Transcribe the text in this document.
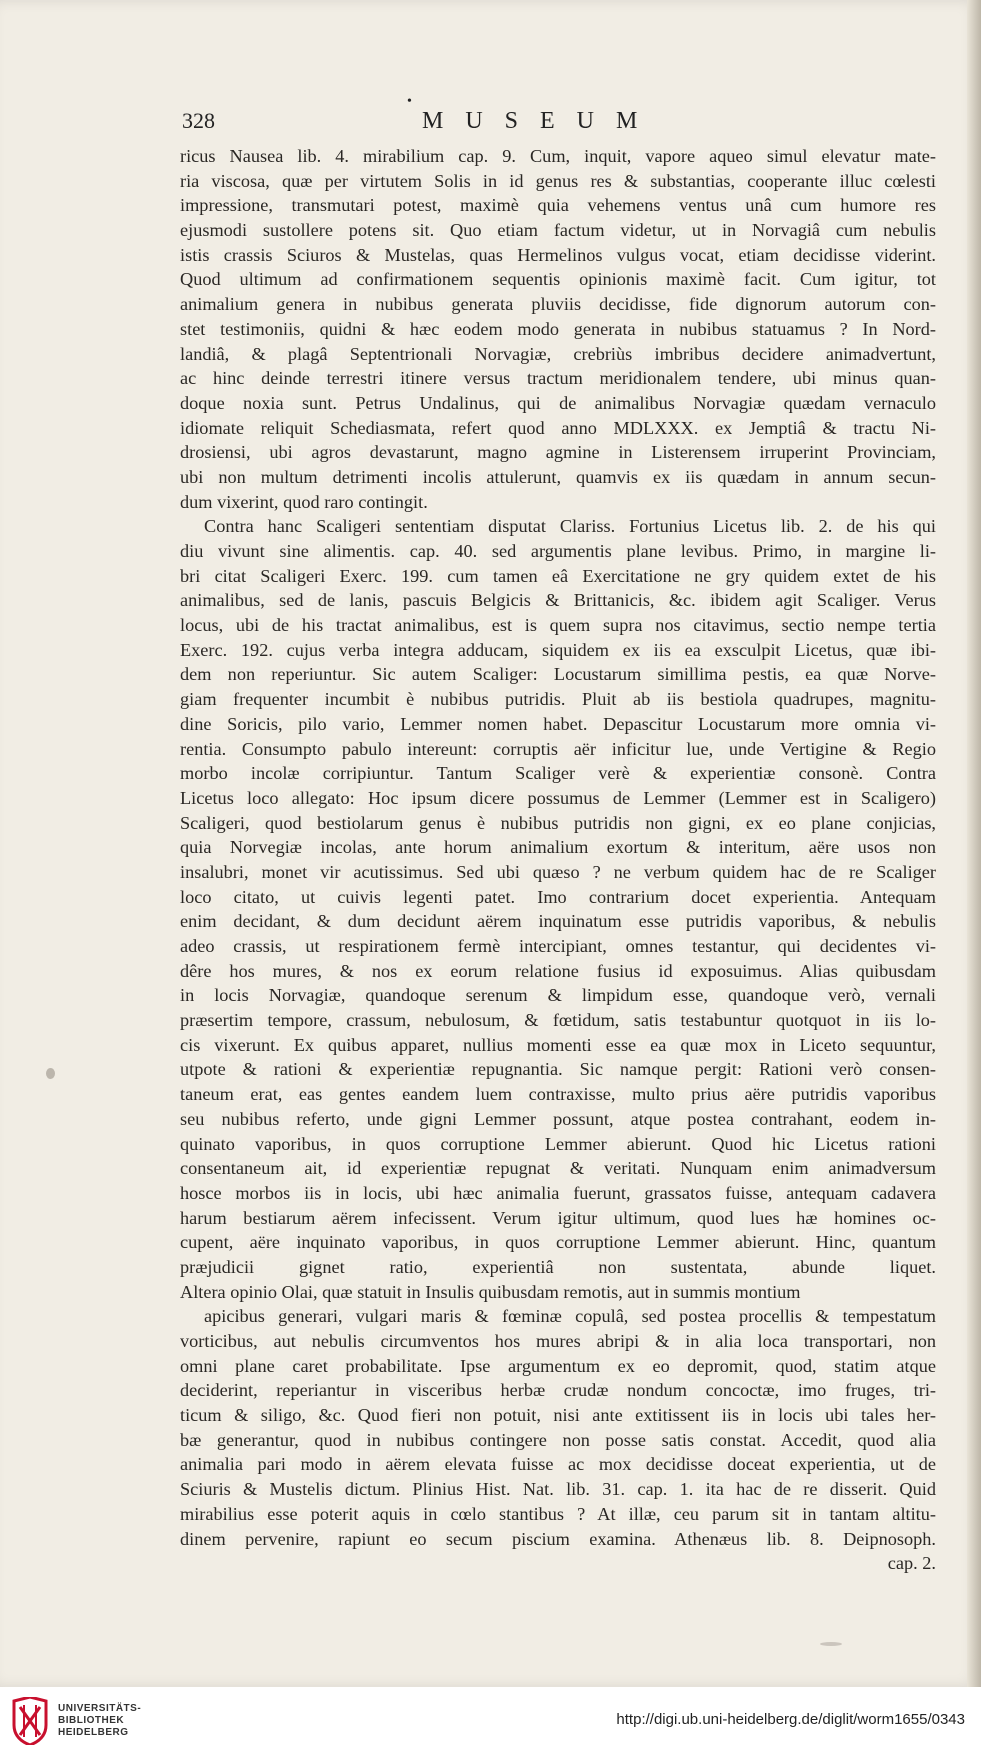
328
•
MUSEUM
ricus Nausea lib. 4. mirabilium cap. 9. Cum, inquit, vapore aqueo simul elevatur mate-
ria viscosa, quæ per virtutem Solis in id genus res & substantias, cooperante illuc cœlesti
impressione, transmutari potest, maximè quia vehemens ventus unâ cum humore res
ejusmodi sustollere potens sit. Quo etiam factum videtur, ut in Norvagiâ cum nebulis
istis crassis Sciuros & Mustelas, quas Hermelinos vulgus vocat, etiam decidisse viderint.
Quod ultimum ad confirmationem sequentis opinionis maximè facit. Cum igitur, tot
animalium genera in nubibus generata pluviis decidisse, fide dignorum autorum con-
stet testimoniis, quidni & hæc eodem modo generata in nubibus statuamus ? In Nord-
landiâ, & plagâ Septentrionali Norvagiæ, crebriùs imbribus decidere animadvertunt,
ac hinc deinde terrestri itinere versus tractum meridionalem tendere, ubi minus quan-
doque noxia sunt. Petrus Undalinus, qui de animalibus Norvagiæ quædam vernaculo
idiomate reliquit Schediasmata, refert quod anno MDLXXX. ex Jemptiâ & tractu Ni-
drosiensi, ubi agros devastarunt, magno agmine in Listerensem irruperint Provinciam,
ubi non multum detrimenti incolis attulerunt, quamvis ex iis quædam in annum secun-
dum vixerint, quod raro contingit.
Contra hanc Scaligeri sententiam disputat Clariss. Fortunius Licetus lib. 2. de his qui
diu vivunt sine alimentis. cap. 40. sed argumentis plane levibus. Primo, in margine li-
bri citat Scaligeri Exerc. 199. cum tamen eâ Exercitatione ne gry quidem extet de his
animalibus, sed de lanis, pascuis Belgicis & Brittanicis, &c. ibidem agit Scaliger. Verus
locus, ubi de his tractat animalibus, est is quem supra nos citavimus, sectio nempe tertia
Exerc. 192. cujus verba integra adducam, siquidem ex iis ea exsculpit Licetus, quæ ibi-
dem non reperiuntur. Sic autem Scaliger: Locustarum simillima pestis, ea quæ Norve-
giam frequenter incumbit è nubibus putridis. Pluit ab iis bestiola quadrupes, magnitu-
dine Soricis, pilo vario, Lemmer nomen habet. Depascitur Locustarum more omnia vi-
rentia. Consumpto pabulo intereunt: corruptis aër inficitur lue, unde Vertigine & Regio
morbo incolæ corripiuntur. Tantum Scaliger verè & experientiæ consonè. Contra
Licetus loco allegato: Hoc ipsum dicere possumus de Lemmer (Lemmer est in Scaligero)
Scaligeri, quod bestiolarum genus è nubibus putridis non gigni, ex eo plane conjicias,
quia Norvegiæ incolas, ante horum animalium exortum & interitum, aëre usos non
insalubri, monet vir acutissimus. Sed ubi quæso ? ne verbum quidem hac de re Scaliger
loco citato, ut cuivis legenti patet. Imo contrarium docet experientia. Antequam
enim decidant, & dum decidunt aërem inquinatum esse putridis vaporibus, & nebulis
adeo crassis, ut respirationem fermè intercipiant, omnes testantur, qui decidentes vi-
dêre hos mures, & nos ex eorum relatione fusius id exposuimus. Alias quibusdam
in locis Norvagiæ, quandoque serenum & limpidum esse, quandoque verò, vernali
præsertim tempore, crassum, nebulosum, & fœtidum, satis testabuntur quotquot in iis lo-
cis vixerunt. Ex quibus apparet, nullius momenti esse ea quæ mox in Liceto sequuntur,
utpote & rationi & experientiæ repugnantia. Sic namque pergit: Rationi verò consen-
taneum erat, eas gentes eandem luem contraxisse, multo prius aëre putridis vaporibus
seu nubibus referto, unde gigni Lemmer possunt, atque postea contrahant, eodem in-
quinato vaporibus, in quos corruptione Lemmer abierunt. Quod hic Licetus rationi
consentaneum ait, id experientiæ repugnat & veritati. Nunquam enim animadversum
hosce morbos iis in locis, ubi hæc animalia fuerunt, grassatos fuisse, antequam cadavera
harum bestiarum aërem infecissent. Verum igitur ultimum, quod lues hæ homines oc-
cupent, aëre inquinato vaporibus, in quos corruptione Lemmer abierunt. Hinc, quantum
præjudicii gignet ratio, experientiâ non sustentata, abunde liquet.
Altera opinio Olai, quæ statuit in Insulis quibusdam remotis, aut in summis montium
apicibus generari, vulgari maris & fœminæ copulâ, sed postea procellis & tempestatum
vorticibus, aut nebulis circumventos hos mures abripi & in alia loca transportari, non
omni plane caret probabilitate. Ipse argumentum ex eo depromit, quod, statim atque
deciderint, reperiantur in visceribus herbæ crudæ nondum concoctæ, imo fruges, tri-
ticum & siligo, &c. Quod fieri non potuit, nisi ante extitissent iis in locis ubi tales her-
bæ generantur, quod in nubibus contingere non posse satis constat. Accedit, quod alia
animalia pari modo in aërem elevata fuisse ac mox decidisse doceat experientia, ut de
Sciuris & Mustelis dictum. Plinius Hist. Nat. lib. 31. cap. 1. ita hac de re disserit. Quid
mirabilius esse poterit aquis in cœlo stantibus ? At illæ, ceu parum sit in tantam altitu-
dinem pervenire, rapiunt eo secum piscium examina. Athenæus lib. 8. Deipnosoph.
cap. 2.
UNIVERSITÄTS-
BIBLIOTHEK
HEIDELBERG
http://digi.ub.uni-heidelberg.de/diglit/worm1655/0343
